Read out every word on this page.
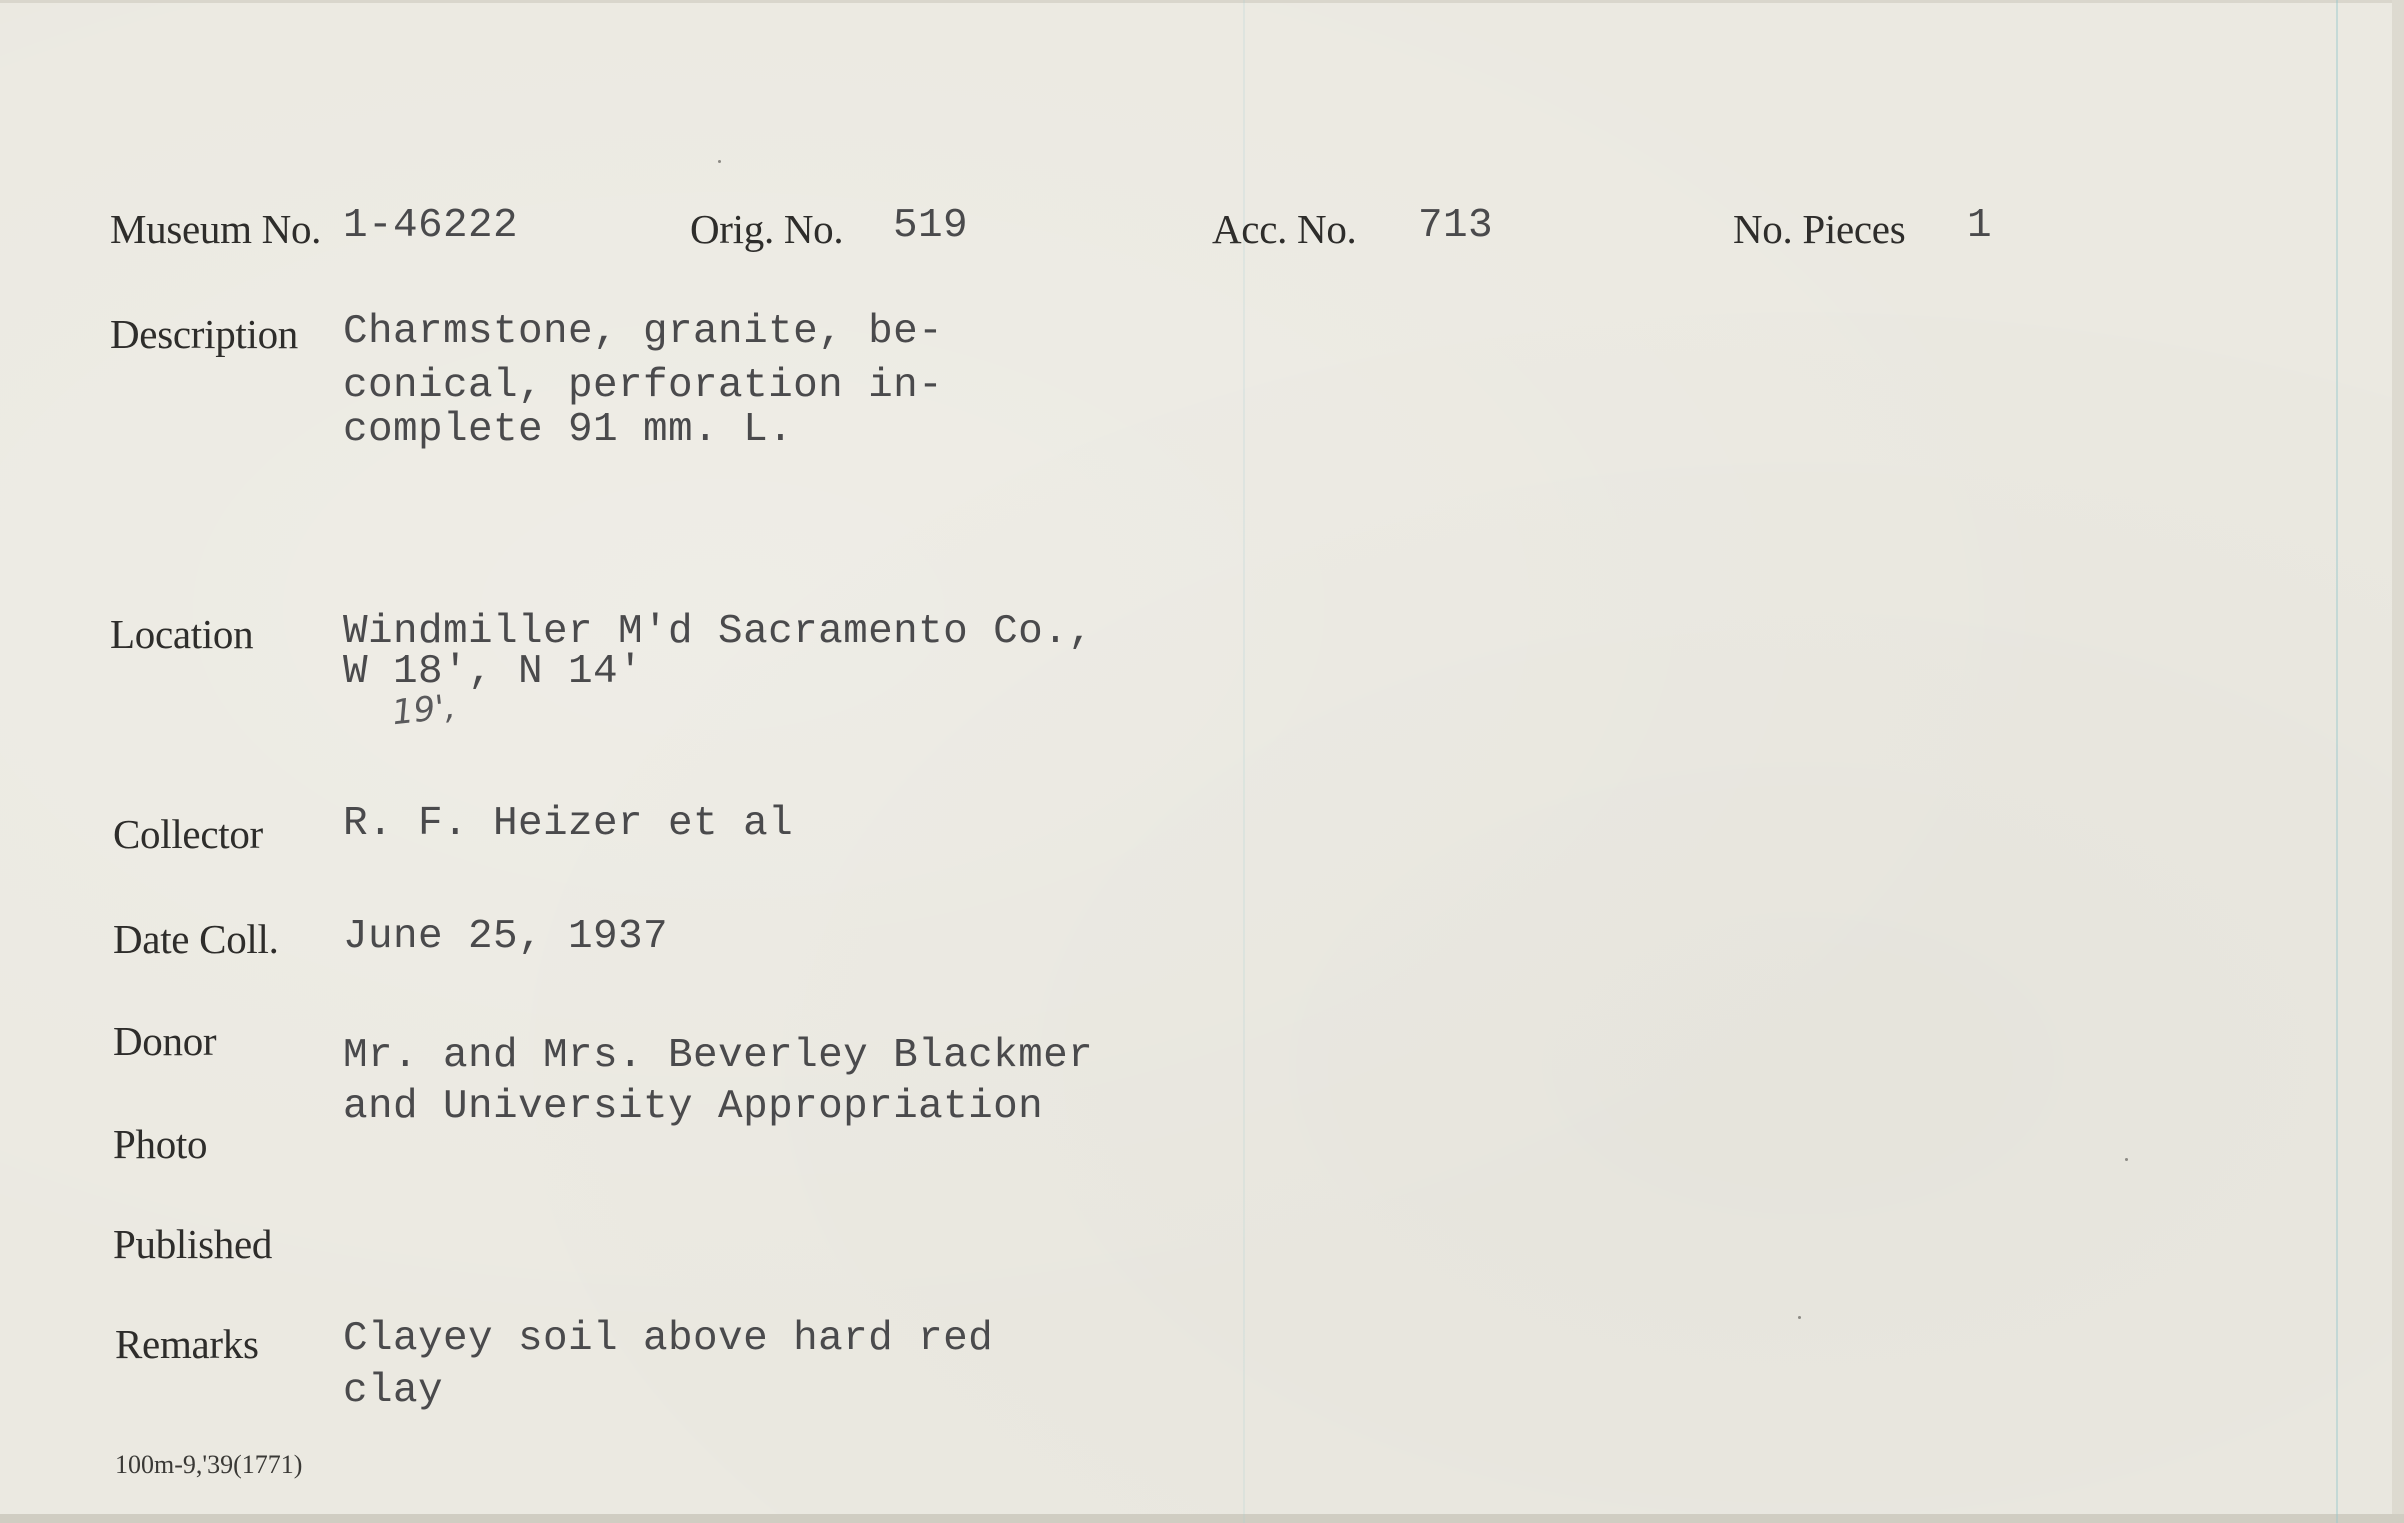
Museum No. 1-46222	Orig. No. 519	Acc. No. 713	No. Pieces 1
Description Charmstone, granite, be-
conical, perforation in-
complete 91 mm. L.
Location Windmiller M'd Sacramento Co.,
W 18', N 14'
19',
Collector R. F. Heizer et al
Date Coll. June 25, 1937
Donor	Mr. and Mrs. Beverley Blackmer
and University Appropriation
Photo
Published
Remarks Clayey soil above hard red
clay
100m-9,'39(1771)
